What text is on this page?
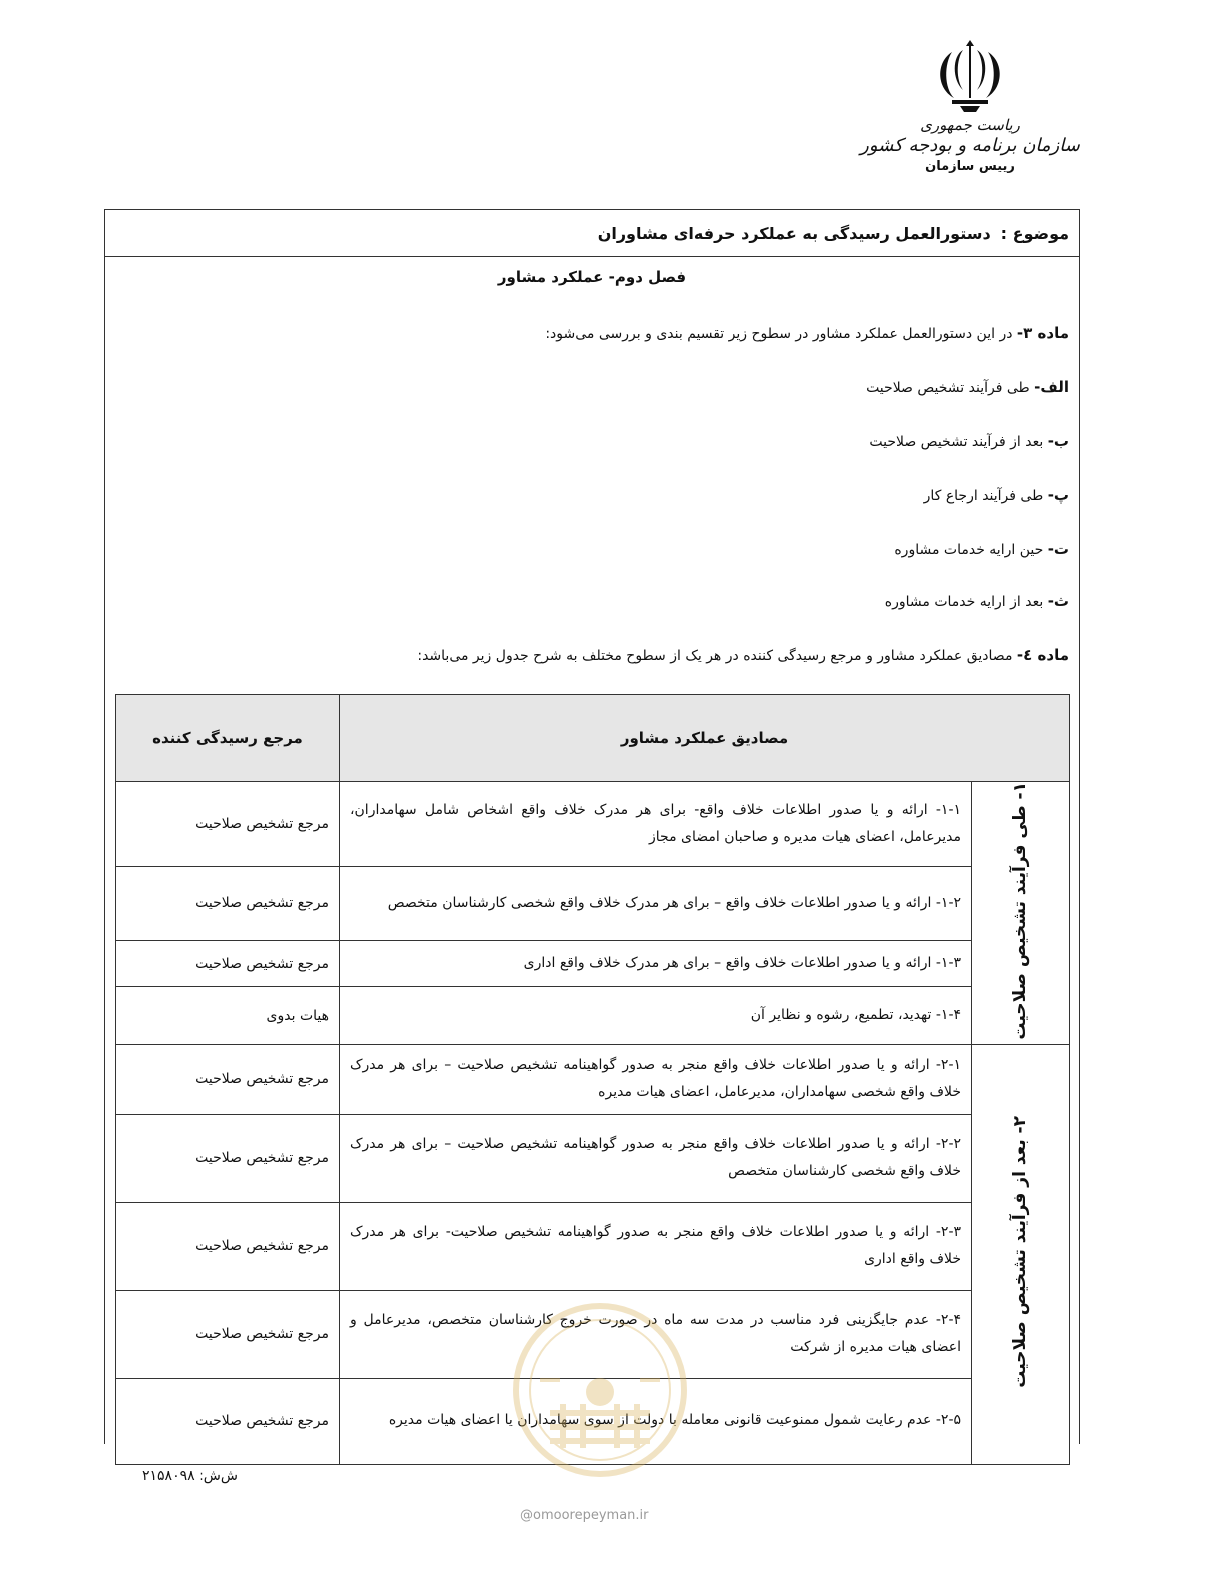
ریاست جمهوری
سازمان برنامه و بودجه کشور
رییس سازمان
موضوع :
دستورالعمل رسیدگی به عملکرد حرفه‌ای مشاوران
فصل دوم- عملکرد مشاور
ماده ۳- در این دستورالعمل عملکرد مشاور در سطوح زیر تقسیم بندی و بررسی می‌شود:
الف- طی فرآیند تشخیص صلاحیت
ب- بعد از فرآیند تشخیص صلاحیت
پ- طی فرآیند ارجاع کار
ت- حین ارایه خدمات مشاوره
ث- بعد از ارایه خدمات مشاوره
ماده ٤- مصادیق عملکرد مشاور و مرجع رسیدگی کننده در هر یک از سطوح مختلف به شرح جدول زیر می‌باشد:
مصادیق عملکرد مشاور		مرجع رسیدگی کننده
۱- طی فرآیند تشخیص صلاحیت	۱-۱- ارائه و یا صدور اطلاعات خلاف واقع- برای هر مدرک خلاف واقع اشخاص شامل سهامداران، مدیرعامل، اعضای هیات مدیره و صاحبان امضای مجاز	مرجع تشخیص صلاحیت
	۱-۲- ارائه و یا صدور اطلاعات خلاف واقع – برای هر مدرک خلاف واقع شخصی کارشناسان متخصص	مرجع تشخیص صلاحیت
	۱-۳- ارائه و یا صدور اطلاعات خلاف واقع – برای هر مدرک خلاف واقع اداری	مرجع تشخیص صلاحیت
	۱-۴- تهدید، تطمیع، رشوه و نظایر آن	هیات بدوی
۲- بعد از فرآیند تشخیص صلاحیت	۲-۱- ارائه و یا صدور اطلاعات خلاف واقع منجر به صدور گواهینامه تشخیص صلاحیت – برای هر مدرک خلاف واقع شخصی سهامداران، مدیرعامل، اعضای هیات مدیره	مرجع تشخیص صلاحیت
	۲-۲- ارائه و یا صدور اطلاعات خلاف واقع منجر به صدور گواهینامه تشخیص صلاحیت – برای هر مدرک خلاف واقع شخصی کارشناسان متخصص	مرجع تشخیص صلاحیت
	۲-۳- ارائه و یا صدور اطلاعات خلاف واقع منجر به صدور گواهینامه تشخیص صلاحیت- برای هر مدرک خلاف واقع اداری	مرجع تشخیص صلاحیت
	۲-۴- عدم جایگزینی فرد مناسب در مدت سه ماه در صورت خروج کارشناسان متخصص، مدیرعامل و اعضای هیات مدیره از شرکت	مرجع تشخیص صلاحیت
	۲-۵- عدم رعایت شمول ممنوعیت قانونی معامله با دولت از سوی سهامداران یا اعضای هیات مدیره	مرجع تشخیص صلاحیت
ش‌ش: ۲۱۵۸۰۹۸
@omoorepeyman.ir
